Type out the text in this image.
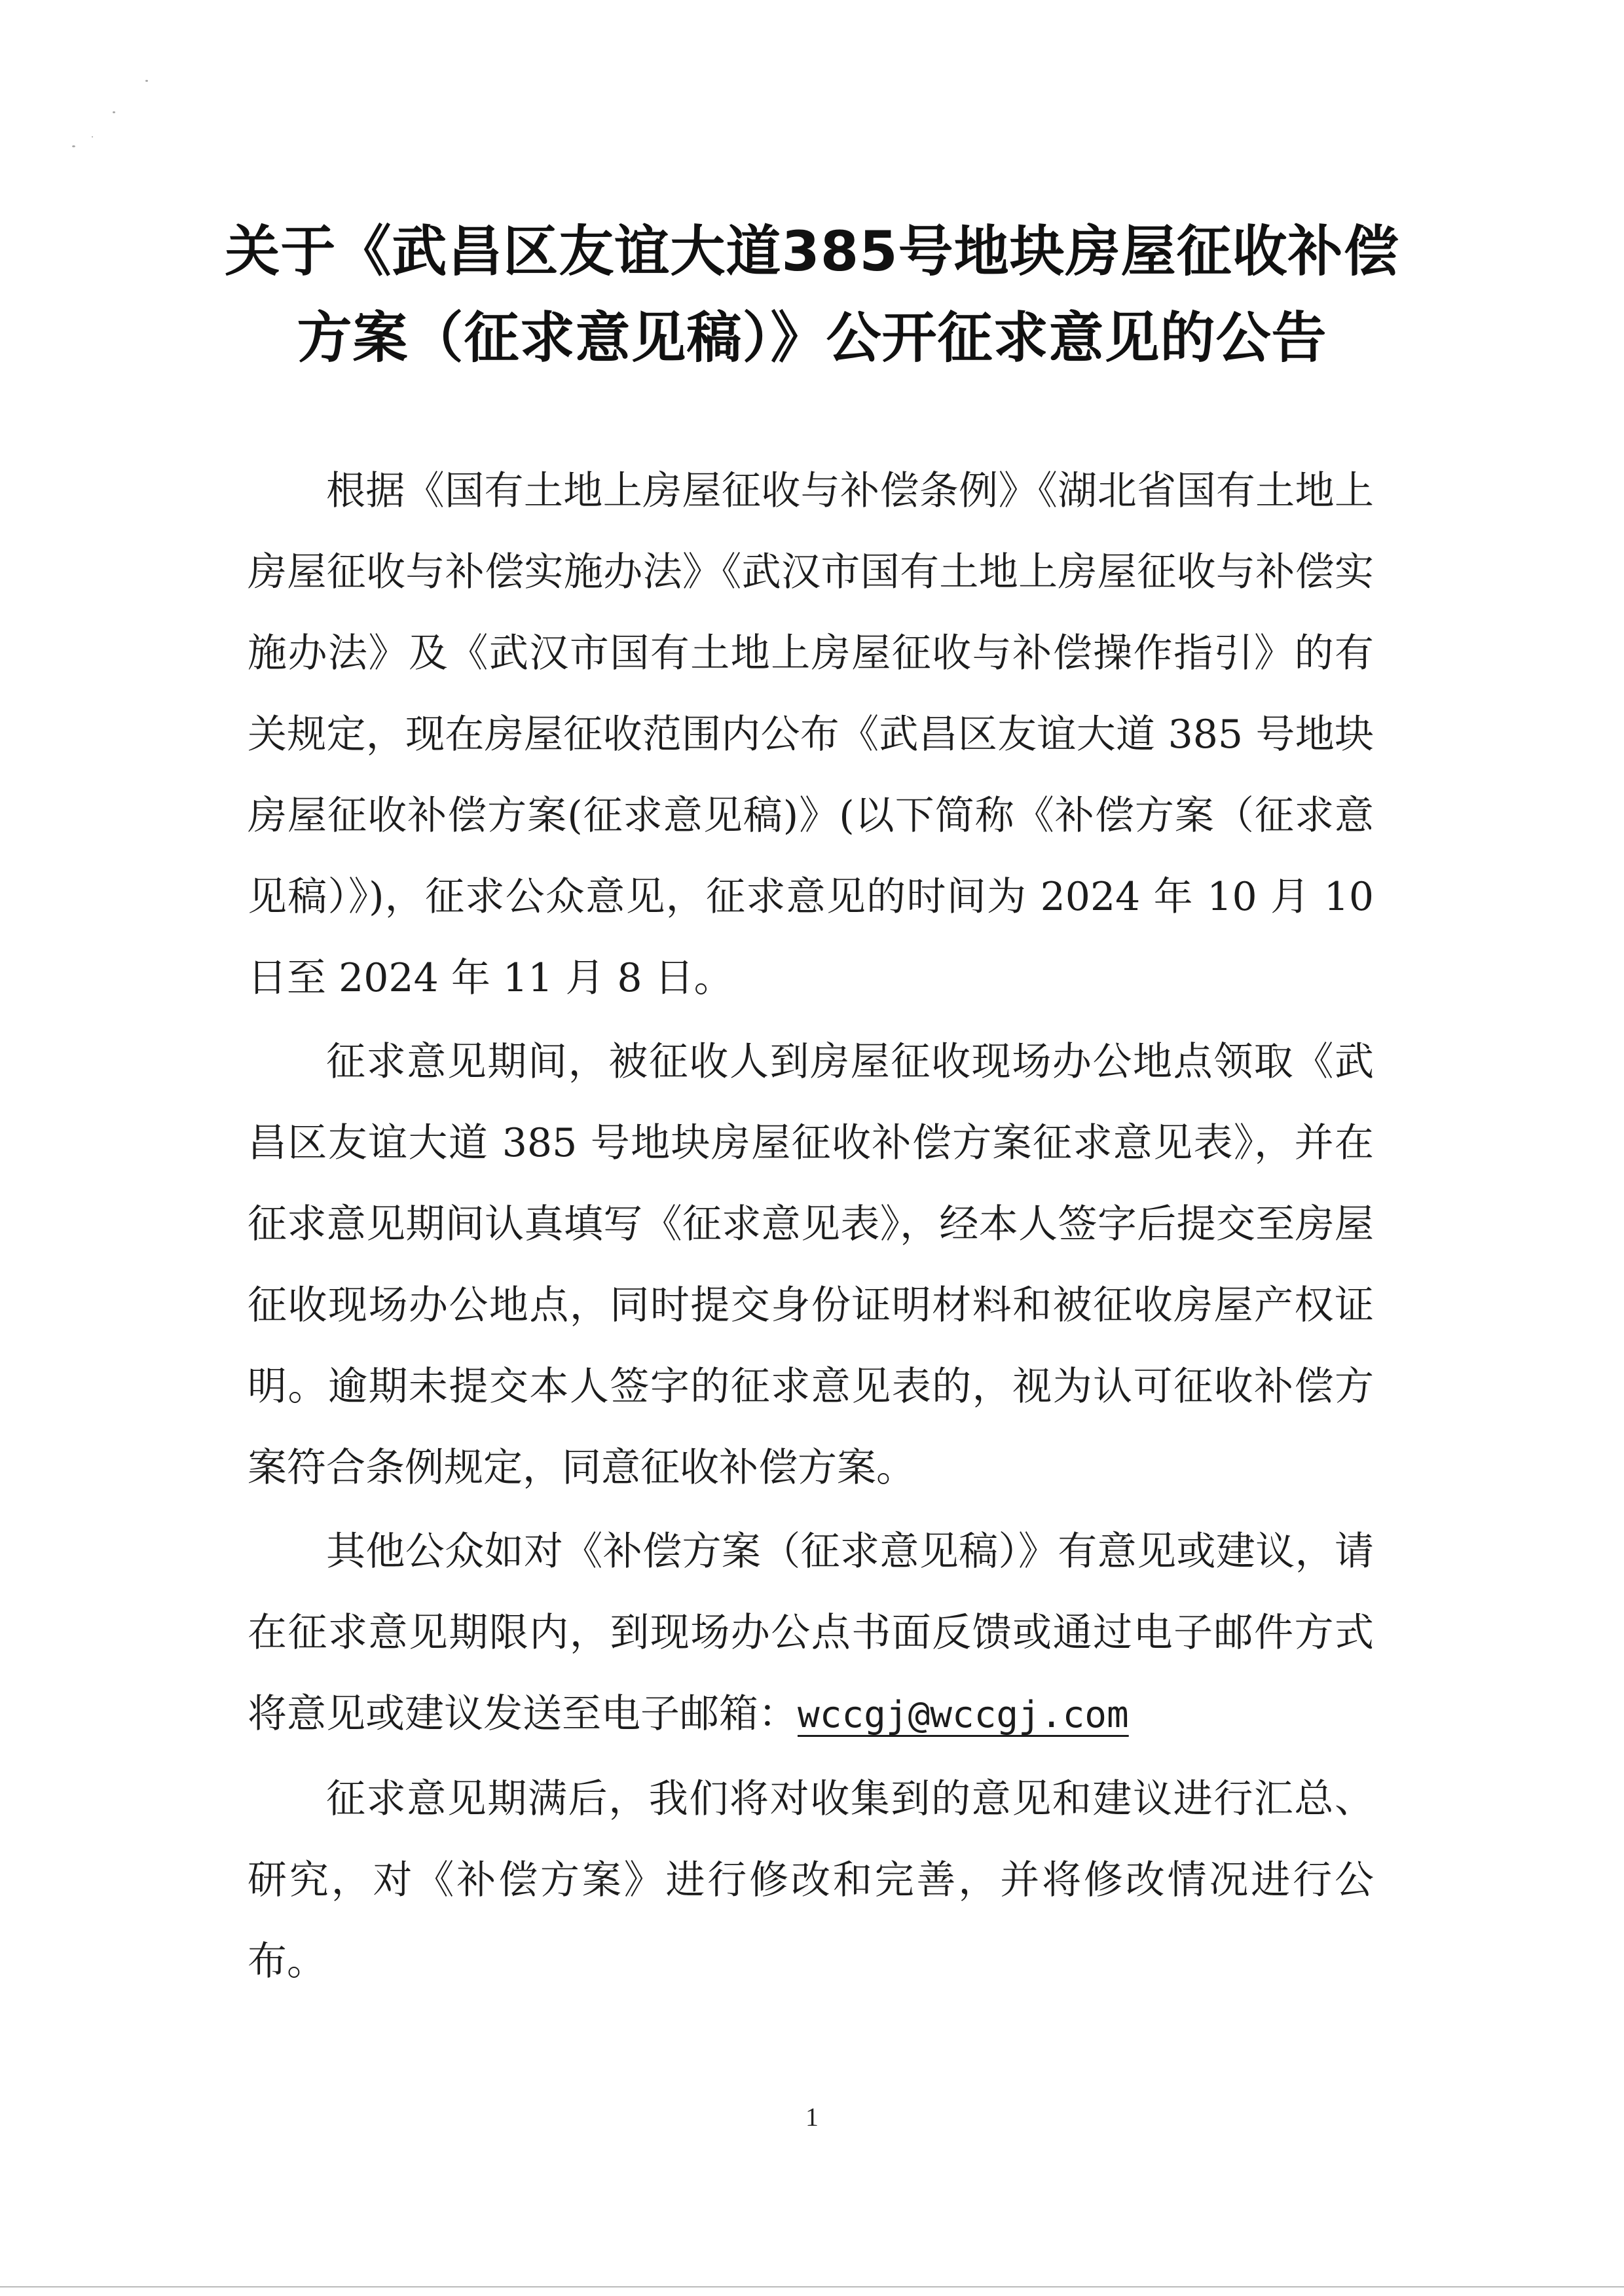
关于《武昌区友谊大道385号地块房屋征收补偿
方案（征求意见稿）》公开征求意见的公告

根据《国有土地上房屋征收与补偿条例》《湖北省国有土地上房屋征收与补偿实施办法》《武汉市国有土地上房屋征收与补偿实施办法》及《武汉市国有土地上房屋征收与补偿操作指引》的有关规定，现在房屋征收范围内公布《武昌区友谊大道 385 号地块房屋征收补偿方案(征求意见稿)》(以下简称《补偿方案（征求意见稿）》)，征求公众意见，征求意见的时间为 2024 年 10 月 10 日至 2024 年 11 月 8 日。

征求意见期间，被征收人到房屋征收现场办公地点领取《武昌区友谊大道 385 号地块房屋征收补偿方案征求意见表》，并在征求意见期间认真填写《征求意见表》，经本人签字后提交至房屋征收现场办公地点，同时提交身份证明材料和被征收房屋产权证明。逾期未提交本人签字的征求意见表的，视为认可征收补偿方案符合条例规定，同意征收补偿方案。

其他公众如对《补偿方案（征求意见稿）》有意见或建议，请在征求意见期限内，到现场办公点书面反馈或通过电子邮件方式将意见或建议发送至电子邮箱：wccgj@wccgj.com

征求意见期满后，我们将对收集到的意见和建议进行汇总、研究，对《补偿方案》进行修改和完善，并将修改情况进行公布。

1
